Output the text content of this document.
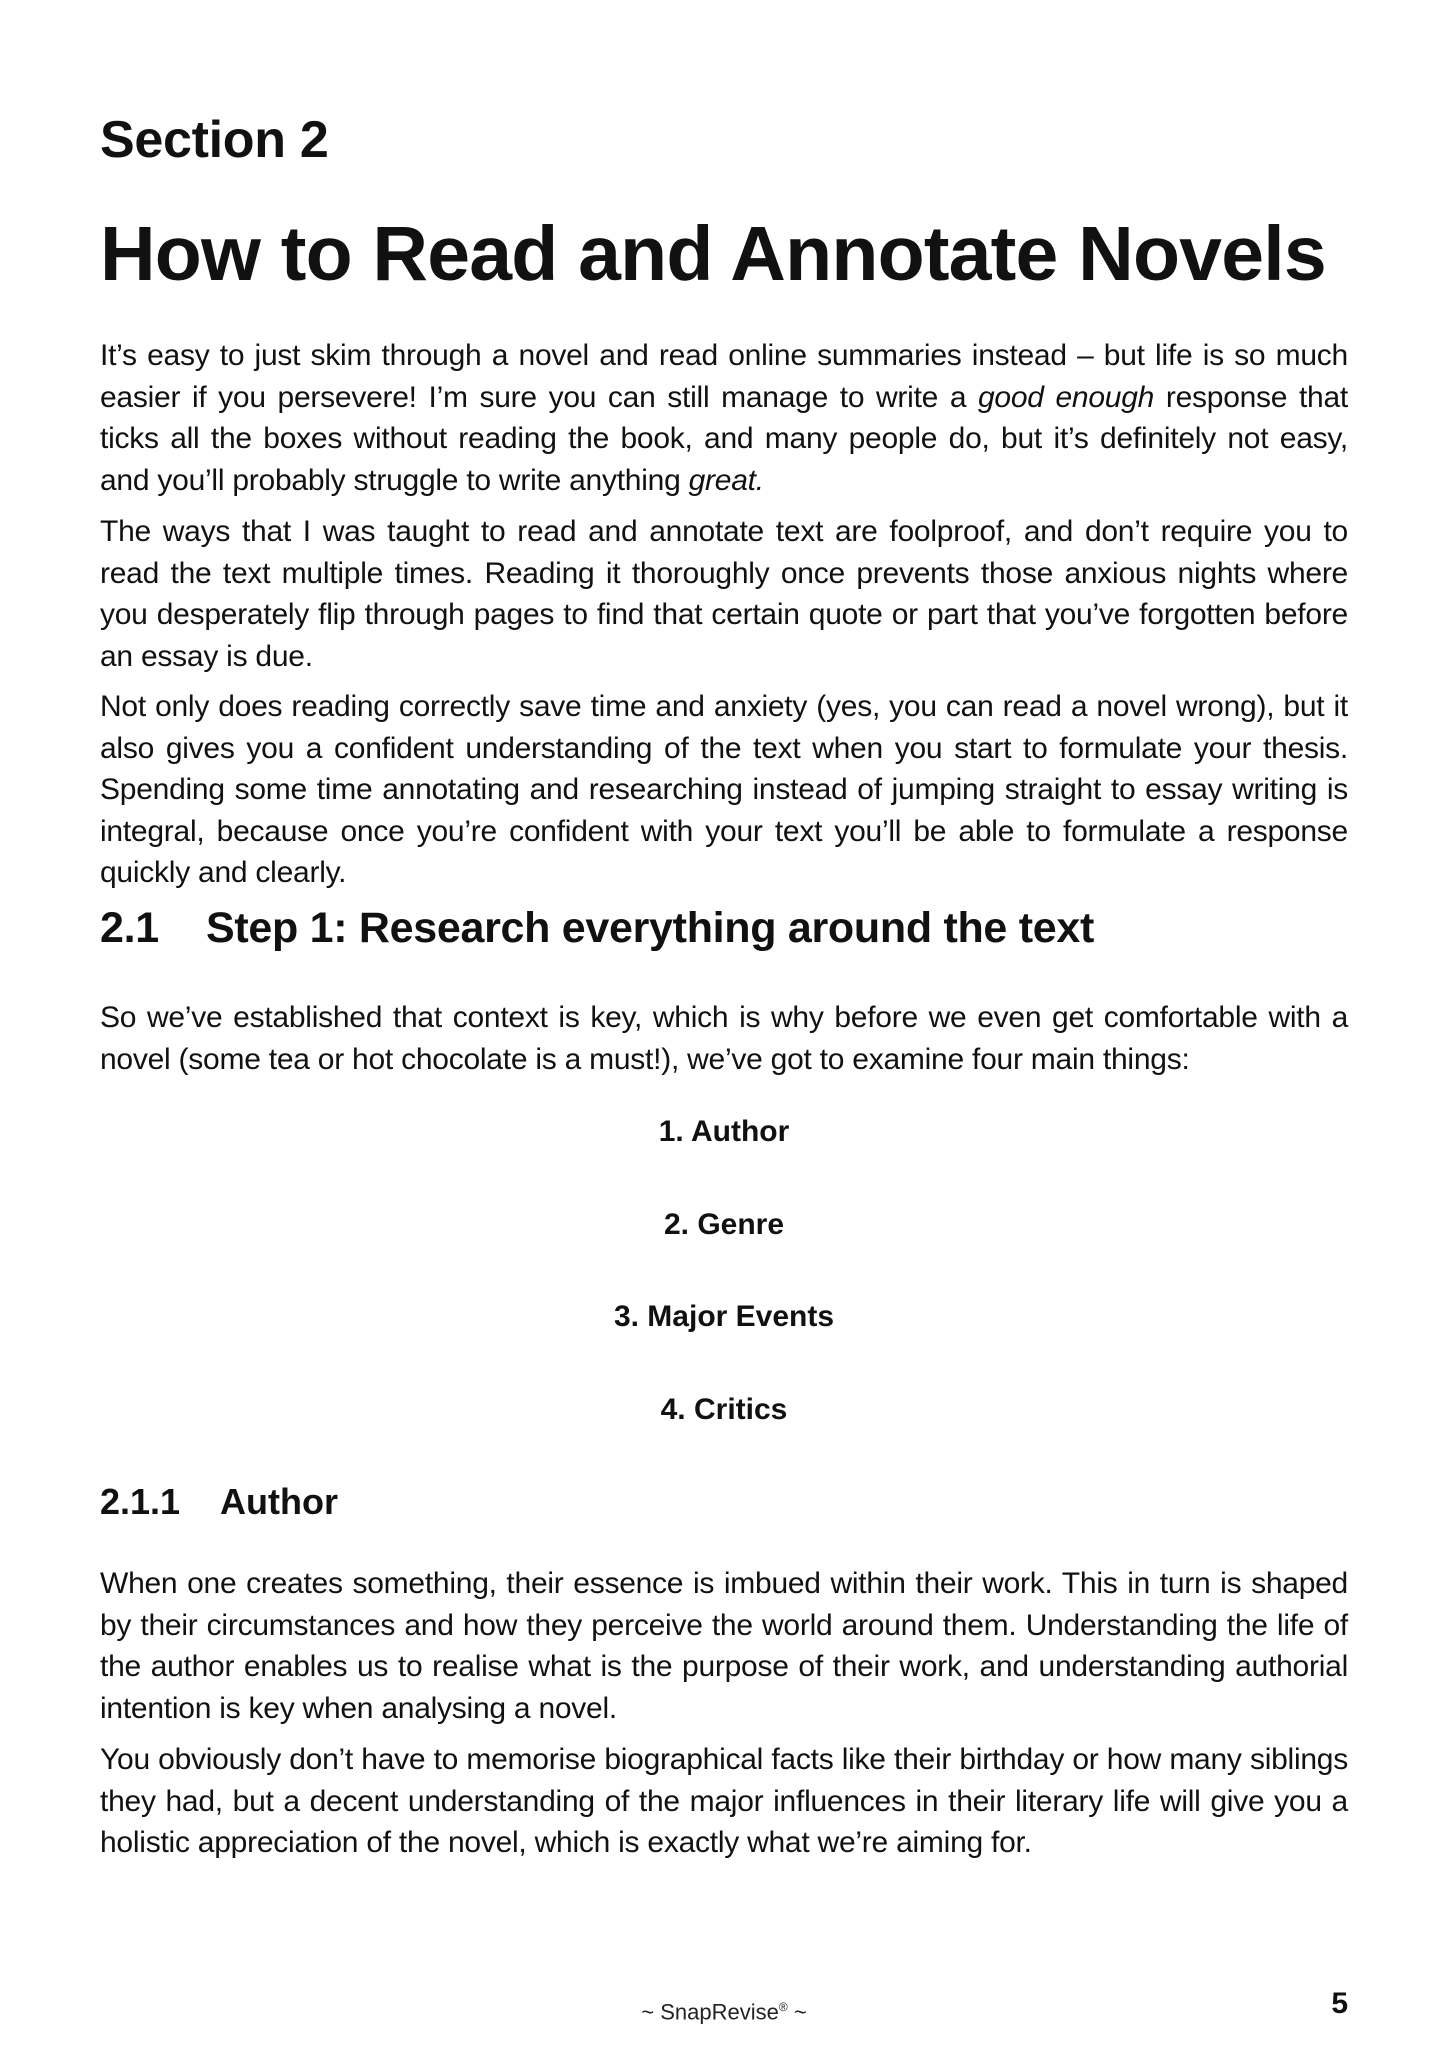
Section 2
How to Read and Annotate Novels

It’s easy to just skim through a novel and read online summaries instead – but life is so much easier if you persevere! I’m sure you can still manage to write a good enough response that ticks all the boxes without reading the book, and many people do, but it’s definitely not easy, and you’ll probably struggle to write anything great.

The ways that I was taught to read and annotate text are foolproof, and don’t require you to read the text multiple times. Reading it thoroughly once prevents those anxious nights where you desperately flip through pages to find that certain quote or part that you’ve forgotten before an essay is due.

Not only does reading correctly save time and anxiety (yes, you can read a novel wrong), but it also gives you a confident understanding of the text when you start to formulate your thesis. Spending some time annotating and researching instead of jumping straight to essay writing is integral, because once you’re confident with your text you’ll be able to formulate a response quickly and clearly.

2.1 Step 1: Research everything around the text

So we’ve established that context is key, which is why before we even get comfortable with a novel (some tea or hot chocolate is a must!), we’ve got to examine four main things:

1. Author
2. Genre
3. Major Events
4. Critics
2.1.1 Author

When one creates something, their essence is imbued within their work. This in turn is shaped by their circumstances and how they perceive the world around them. Understanding the life of the author enables us to realise what is the purpose of their work, and understanding authorial intention is key when analysing a novel.

You obviously don’t have to memorise biographical facts like their birthday or how many siblings they had, but a decent understanding of the major influences in their literary life will give you a holistic appreciation of the novel, which is exactly what we’re aiming for.

~ SnapRevise® ~	5
